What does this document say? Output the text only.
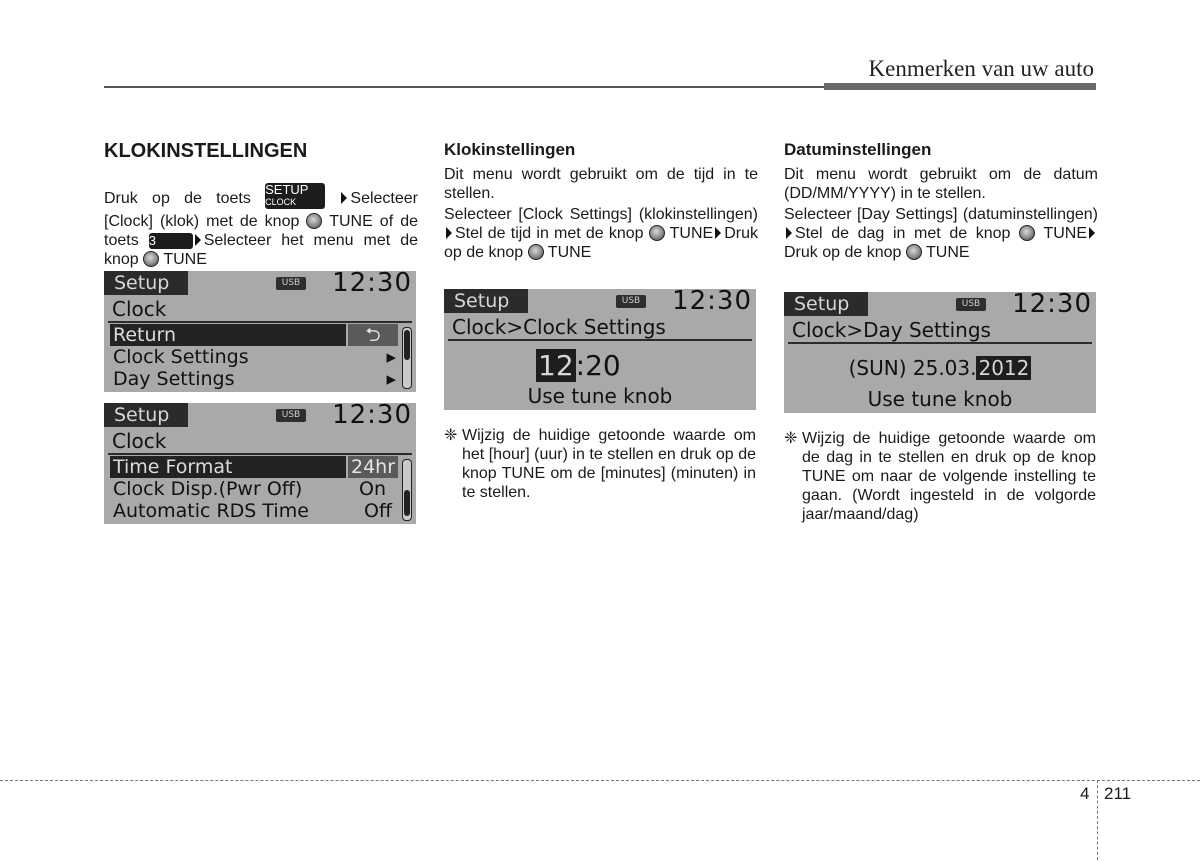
Kenmerken van uw auto
KLOKINSTELLINGEN

Druk op de toets
SETUP
CLOCK	Selecteer [Clock] (klok) met de knop TUNE of de toets 3	Selecteer het menu met de knop TUNE

Setup	USB 12:30
Clock
Return	⮌
Clock Settings	▸
Day Settings	▸
Setup	USB 12:30
Clock
Time Format	24hr
Clock Disp.(Pwr Off)	On
Automatic RDS Time	Off
Klokinstellingen

Dit menu wordt gebruikt om de tijd in te stellen.

Selecteer [Clock Settings] (klokinstellingen)Stel de tijd in met de knop TUNE Druk op de knop TUNE

Setup	USB 12:30
Clock>Clock Settings
12:20
Use tune knob
❈ Wijzig de huidige getoonde waarde om het [hour] (uur) in te stellen en druk op de knop TUNE om de [minutes] (minuten) in te stellen.
Datuminstellingen

Dit menu wordt gebruikt om de datum (DD/MM/YYYY) in te stellen.

Selecteer [Day Settings] (datuminstellingen)Stel de dag in met de knop TUNEDruk op de knop TUNE

Setup	USB 12:30
Clock>Day Settings
(SUN) 25.03. 2012
Use tune knob
❈ Wijzig de huidige getoonde waarde om de dag in te stellen en druk op de knop TUNE om naar de volgende instelling te gaan. (Wordt ingesteld in de volgorde jaar/maand/dag)
4 211
